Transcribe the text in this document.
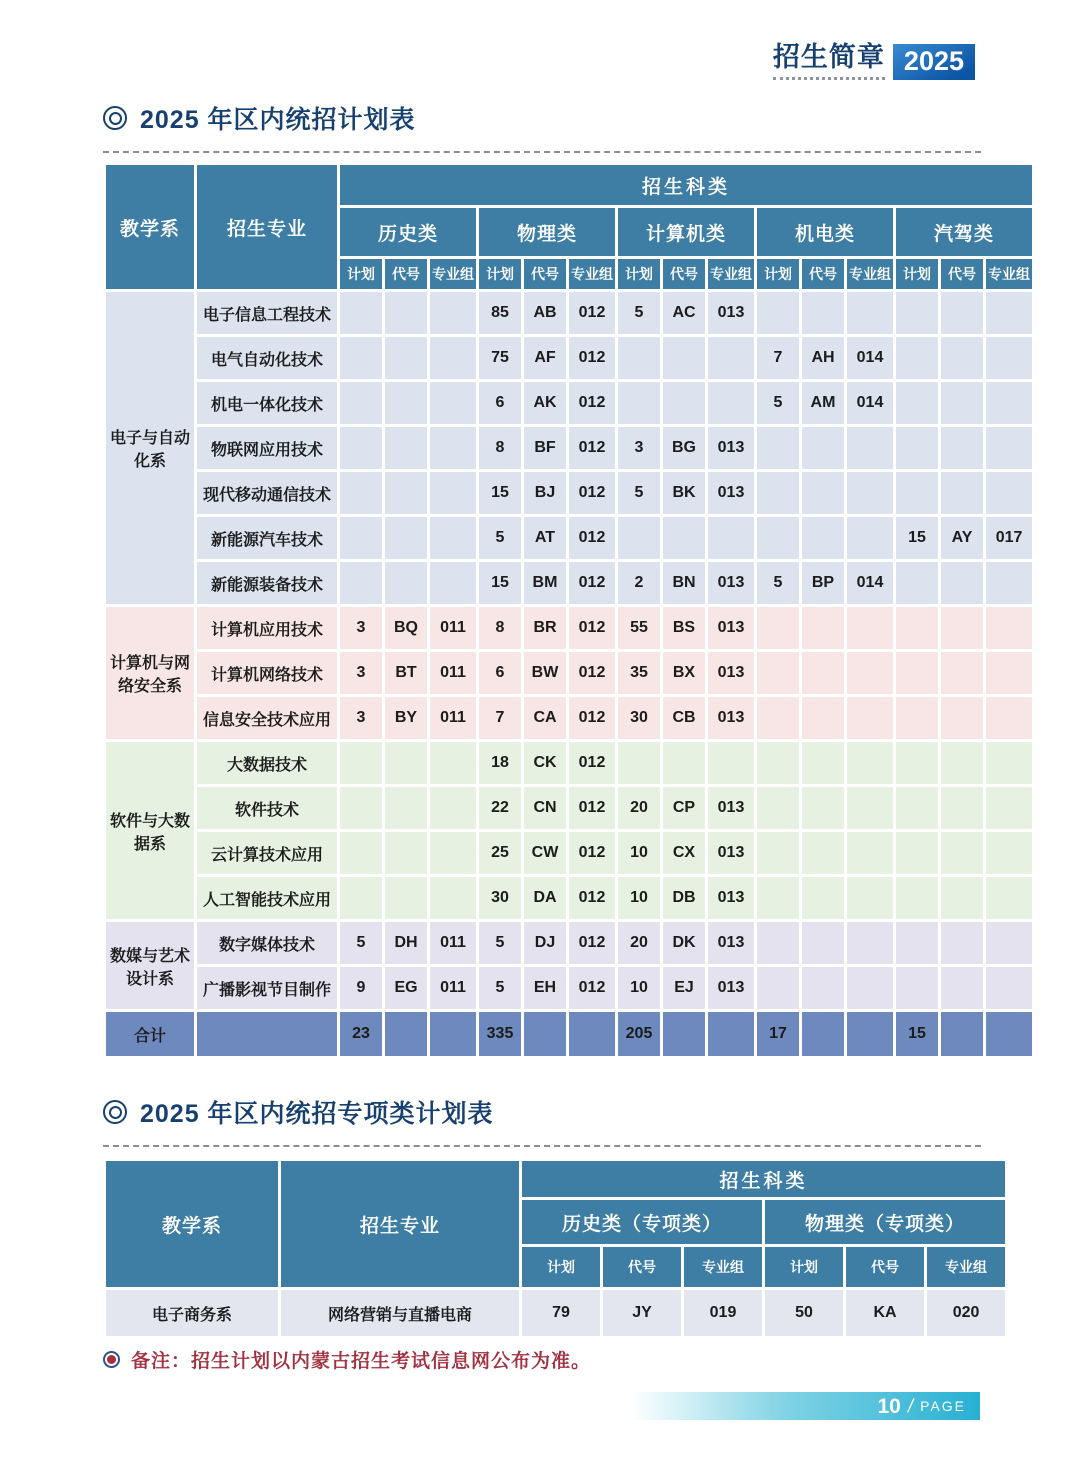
招生简章 2025
2025 年区内统招计划表
教学系	招生专业	招生科类														
		历史类			物理类			计算机类			机电类			汽驾类		
		计划	代号	专业组	计划	代号	专业组	计划	代号	专业组	计划	代号	专业组	计划	代号	专业组
电子与自动化系	电子信息工程技术				85	AB	012	5	AC	013						
	电气自动化技术				75	AF	012				7	AH	014			
	机电一体化技术				6	AK	012				5	AM	014			
	物联网应用技术				8	BF	012	3	BG	013						
	现代移动通信技术				15	BJ	012	5	BK	013						
	新能源汽车技术				5	AT	012							15	AY	017
	新能源装备技术				15	BM	012	2	BN	013	5	BP	014			
计算机与网络安全系	计算机应用技术	3	BQ	011	8	BR	012	55	BS	013						
	计算机网络技术	3	BT	011	6	BW	012	35	BX	013						
	信息安全技术应用	3	BY	011	7	CA	012	30	CB	013						
软件与大数据系	大数据技术				18	CK	012									
	软件技术				22	CN	012	20	CP	013						
	云计算技术应用				25	CW	012	10	CX	013						
	人工智能技术应用				30	DA	012	10	DB	013						
数媒与艺术设计系	数字媒体技术	5	DH	011	5	DJ	012	20	DK	013						
	广播影视节目制作	9	EG	011	5	EH	012	10	EJ	013						
合计		23			335			205			17			15		
2025 年区内统招专项类计划表
教学系	招生专业	招生科类					
		历史类（专项类）			物理类（专项类）		
		计划	代号	专业组	计划	代号	专业组
电子商务系	网络营销与直播电商	79	JY	019	50	KA	020
备注：招生计划以内蒙古招生考试信息网公布为准。
10 / PAGE
